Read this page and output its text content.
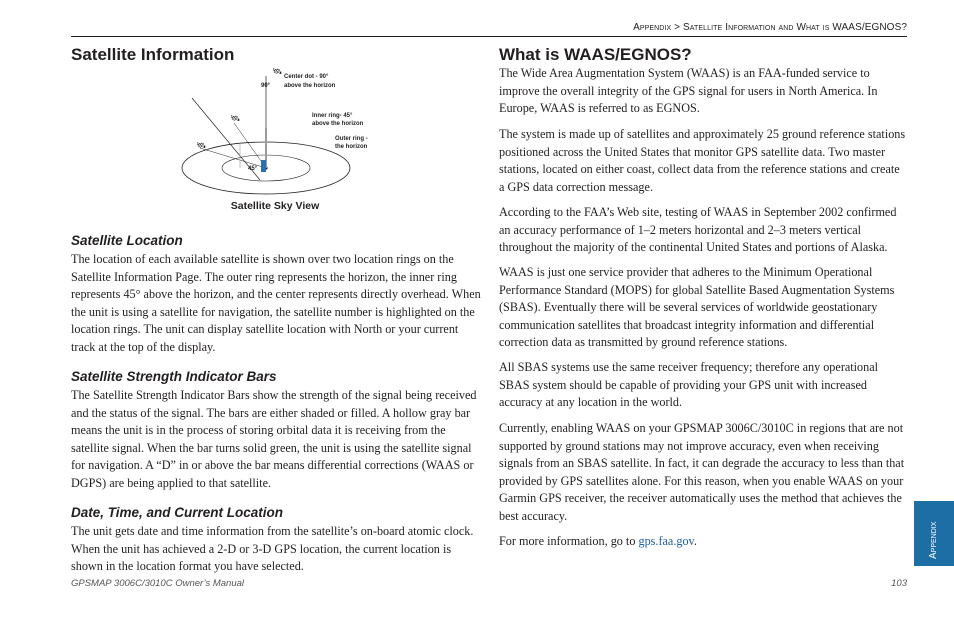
Appendix > Satellite Information and What is WAAS/EGNOS?
Satellite Information
🛰
🛰
🛰
90°
Center dot - 90°
above the horizon
Inner ring- 45°
above the horizon
Outer ring -
the horizon
45°
Satellite Sky View
Satellite Location

The location of each available satellite is shown over two location rings on the Satellite Information Page. The outer ring represents the horizon, the inner ring represents 45° above the horizon, and the center represents directly overhead. When the unit is using a satellite for navigation, the satellite number is highlighted on the location rings. The unit can display satellite location with North or your current track at the top of the display.

Satellite Strength Indicator Bars

The Satellite Strength Indicator Bars show the strength of the signal being received and the status of the signal. The bars are either shaded or filled. A hollow gray bar means the unit is in the process of storing orbital data it is receiving from the satellite signal. When the bar turns solid green, the unit is using the satellite signal for navigation. A “D” in or above the bar means differential corrections (WAAS or DGPS) are being applied to that satellite.

Date, Time, and Current Location

The unit gets date and time information from the satellite’s on-board atomic clock. When the unit has achieved a 2-D or 3-D GPS location, the current location is shown in the location format you have selected.

What is WAAS/EGNOS?

The Wide Area Augmentation System (WAAS) is an FAA-funded service to improve the overall integrity of the GPS signal for users in North America. In Europe, WAAS is referred to as EGNOS.

The system is made up of satellites and approximately 25 ground reference stations positioned across the United States that monitor GPS satellite data. Two master stations, located on either coast, collect data from the reference stations and create a GPS data correction message.

According to the FAA’s Web site, testing of WAAS in September 2002 confirmed an accuracy performance of 1–2 meters horizontal and 2–3 meters vertical throughout the majority of the continental United States and portions of Alaska.

WAAS is just one service provider that adheres to the Minimum Operational Performance Standard (MOPS) for global Satellite Based Augmentation Systems (SBAS). Eventually there will be several services of worldwide geostationary communication satellites that broadcast integrity information and differential correction data as transmitted by ground reference stations.

All SBAS systems use the same receiver frequency; therefore any operational SBAS system should be capable of providing your GPS unit with increased accuracy at any location in the world.

Currently, enabling WAAS on your GPSMAP 3006C/3010C in regions that are not supported by ground stations may not improve accuracy, even when receiving signals from an SBAS satellite. In fact, it can degrade the accuracy to less than that provided by GPS satellites alone. For this reason, when you enable WAAS on your Garmin GPS receiver, the receiver automatically uses the method that achieves the best accuracy.

For more information, go to gps.faa.gov.

GPSMAP 3006C/3010C Owner’s Manual	103
Appendix
